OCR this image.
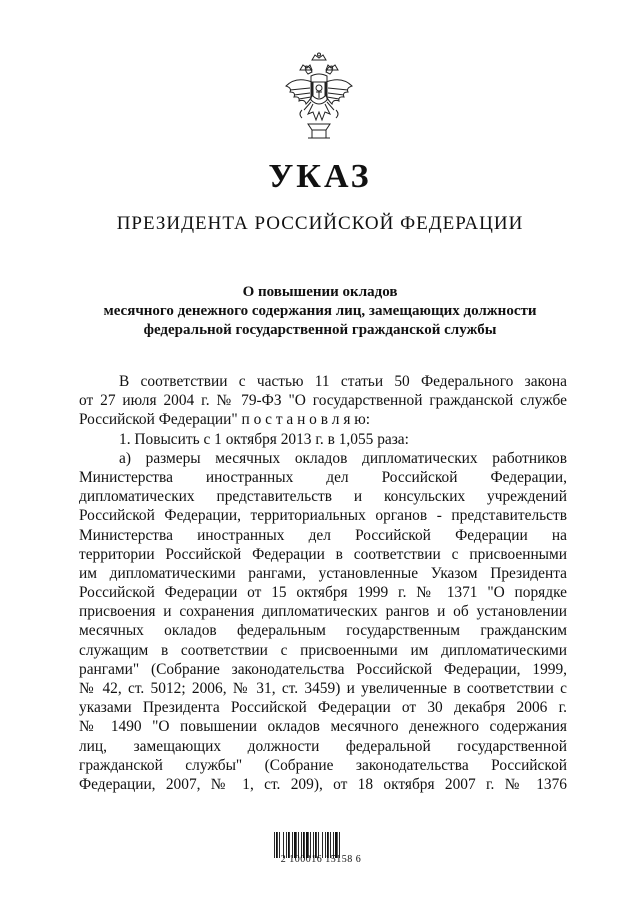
УКАЗ
ПРЕЗИДЕНТА РОССИЙСКОЙ ФЕДЕРАЦИИ
О повышении окладов
месячного денежного содержания лиц, замещающих должности
федеральной государственной гражданской службы
В соответствии с частью 11 статьи 50 Федерального закона
от 27 июля 2004 г. № 79-ФЗ "О государственной гражданской службе
Российской Федерации" п о с т а н о в л я ю:
1. Повысить с 1 октября 2013 г. в 1,055 раза:
а) размеры месячных окладов дипломатических работников
Министерства иностранных дел Российской Федерации,
дипломатических представительств и консульских учреждений
Российской Федерации, территориальных органов - представительств
Министерства иностранных дел Российской Федерации на
территории Российской Федерации в соответствии с присвоенными
им дипломатическими рангами, установленные Указом Президента
Российской Федерации от 15 октября 1999 г. № 1371 "О порядке
присвоения и сохранения дипломатических рангов и об установлении
месячных окладов федеральным государственным гражданским
служащим в соответствии с присвоенными им дипломатическими
рангами" (Собрание законодательства Российской Федерации, 1999,
№ 42, ст. 5012; 2006, № 31, ст. 3459) и увеличенные в соответствии с
указами Президента Российской Федерации от 30 декабря 2006 г.
№ 1490 "О повышении окладов месячного денежного содержания
лиц, замещающих должности федеральной государственной
гражданской службы" (Собрание законодательства Российской
Федерации, 2007, № 1, ст. 209), от 18 октября 2007 г. № 1376
2 100016 15158 6
